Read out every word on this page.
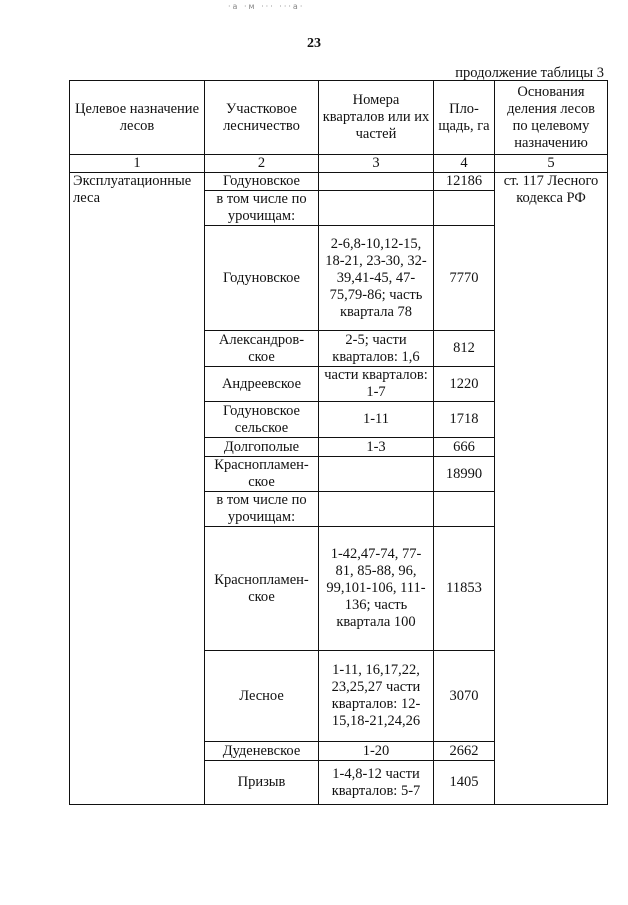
·а ·м ··· ···а·
23
продолжение таблицы 3
Целевое назначение лесов	Участковое лесничество	Номера кварталов или их частей	Пло-щадь, га	Основания деления лесов по целевому назначению
1	2	3	4	5
Эксплуатационные леса	Годуновское		12186	ст. 117 Лесного кодекса РФ
	в том числе по урочищам:			
	Годуновское	2-6,8-10,12-15, 18-21, 23-30, 32-39,41-45, 47-75,79-86; часть квартала 78	7770	
	Александров-ское	2-5; части кварталов: 1,6	812	
	Андреевское	части кварталов: 1-7	1220	
	Годуновское сельское	1-11	1718	
	Долгополые	1-3	666	
	Краснопламен-ское		18990	
	в том числе по урочищам:			
	Краснопламен-ское	1-42,47-74, 77-81, 85-88, 96, 99,101-106, 111-136; часть квартала 100	11853	
	Лесное	1-11, 16,17,22, 23,25,27 части кварталов: 12-15,18-21,24,26	3070	
	Дуденевское	1-20	2662	
	Призыв	1-4,8-12 части кварталов: 5-7	1405	
